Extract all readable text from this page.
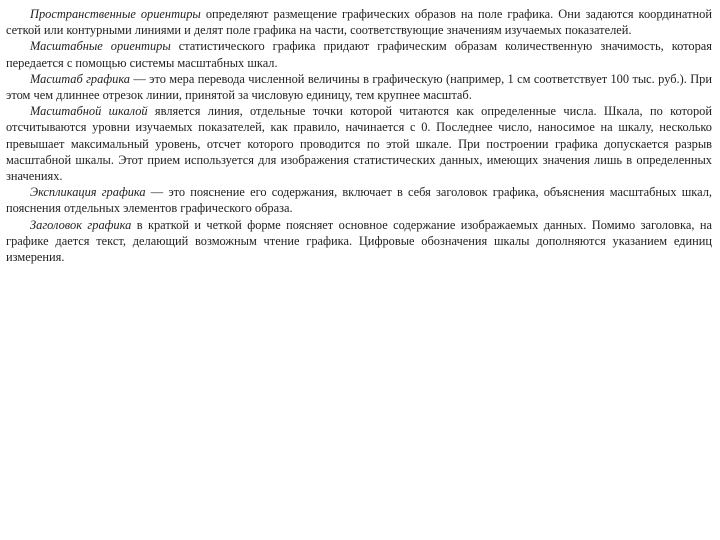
Пространственные ориентиры определяют размещение графических образов на поле графика. Они задаются координатной сеткой или контурными линиями и делят поле графика на части, соответствующие значениям изучаемых показателей.

Масштабные ориентиры статистического графика придают графическим образам количественную значимость, которая передается с помощью системы масштабных шкал.

Масштаб графика — это мера перевода численной величины в графическую (например, 1 см соответствует 100 тыс. руб.). При этом чем длиннее отрезок линии, принятой за числовую единицу, тем крупнее масштаб.

Масштабной шкалой является линия, отдельные точки которой читаются как определенные числа. Шкала, по которой отсчитываются уровни изучаемых показателей, как правило, начинается с 0. Последнее число, наносимое на шкалу, несколько превышает максимальный уровень, отсчет которого проводится по этой шкале. При построении графика допускается разрыв масштабной шкалы. Этот прием используется для изображения статистических данных, имеющих значения лишь в определенных значениях.

Экспликация графика — это пояснение его содержания, включает в себя заголовок графика, объяснения масштабных шкал, пояснения отдельных элементов графического образа.

Заголовок графика в краткой и четкой форме поясняет основное содержание изображаемых данных. Помимо заголовка, на графике дается текст, делающий возможным чтение графика. Цифровые обозначения шкалы дополняются указанием единиц измерения.
